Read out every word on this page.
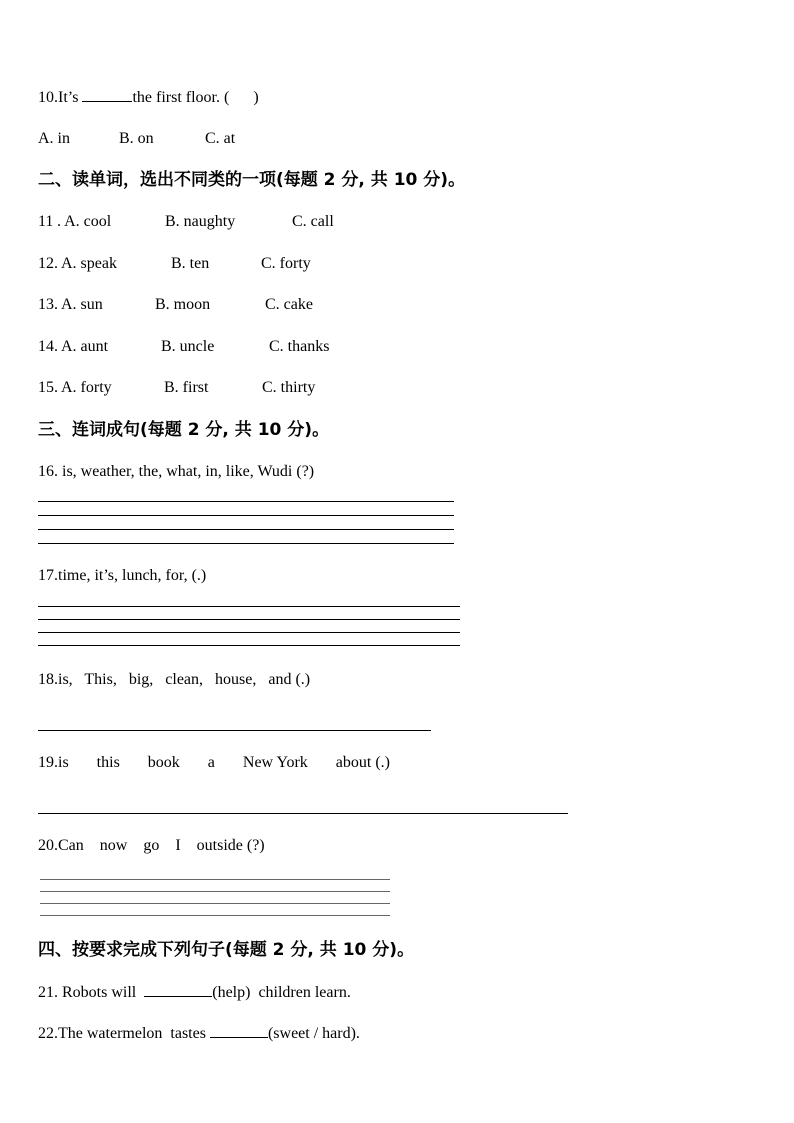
10.It’s	the first floor. (      )
A. in	B. on	C. at
二、读单词，选出不同类的一项(每题 2 分, 共 10 分)。
11 . A. cool	B. naughty	C. call
12. A. speak	B. ten	C. forty
13. A. sun	B. moon	C. cake
14. A. aunt	B. uncle	C. thanks
15. A. forty	B. first	C. thirty
三、连词成句(每题 2 分, 共 10 分)。
16. is, weather, the, what, in, like, Wudi (?)
17.time, it’s, lunch, for, (.)
18.is,   This,   big,   clean,   house,   and (.)
19.is       this       book       a       New York       about (.)
20.Can    now    go    I    outside (?)
四、按要求完成下列句子(每题 2 分, 共 10 分)。
21. Robots will	(help)  children learn.
22.The watermelon  tastes	(sweet / hard).
